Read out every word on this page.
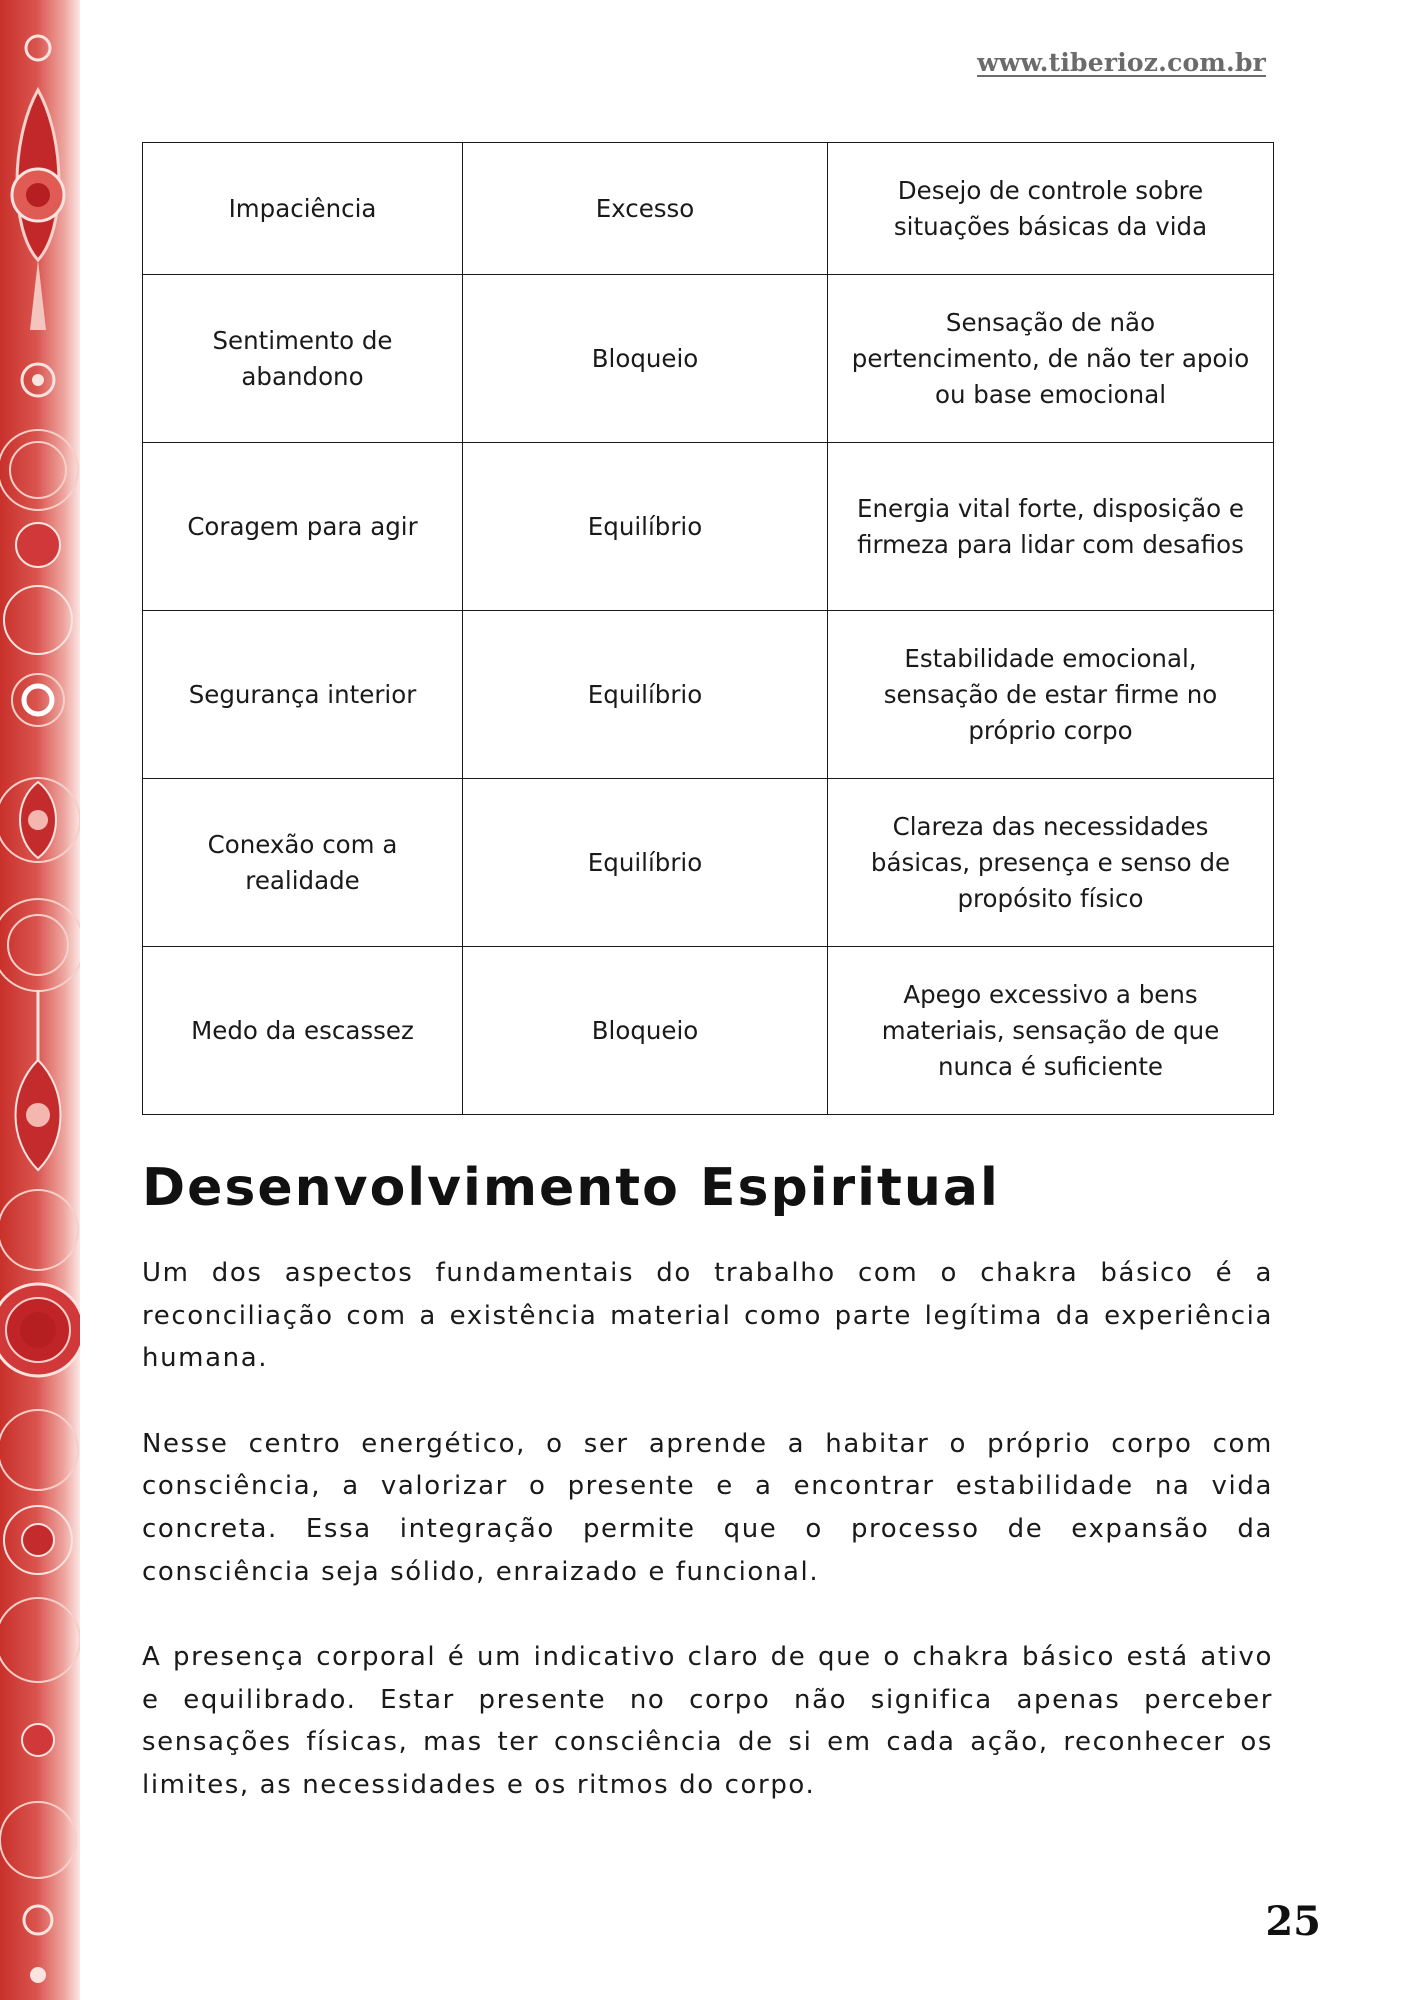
www.tiberioz.com.br
Impaciência	Excesso	Desejo de controle sobre situações básicas da vida
Sentimento de abandono	Bloqueio	Sensação de não pertencimento, de não ter apoio ou base emocional
Coragem para agir	Equilíbrio	Energia vital forte, disposição e firmeza para lidar com desafios
Segurança interior	Equilíbrio	Estabilidade emocional, sensação de estar firme no próprio corpo
Conexão com a realidade	Equilíbrio	Clareza das necessidades básicas, presença e senso de propósito físico
Medo da escassez	Bloqueio	Apego excessivo a bens materiais, sensação de que nunca é suficiente
Desenvolvimento Espiritual

Um dos aspectos fundamentais do trabalho com o chakra básico é a reconciliação com a existência material como parte legítima da experiência humana.

Nesse centro energético, o ser aprende a habitar o próprio corpo com consciência, a valorizar o presente e a encontrar estabilidade na vida concreta. Essa integração permite que o processo de expansão da consciência seja sólido, enraizado e funcional.

A presença corporal é um indicativo claro de que o chakra básico está ativo e equilibrado. Estar presente no corpo não significa apenas perceber sensações físicas, mas ter consciência de si em cada ação, reconhecer os limites, as necessidades e os ritmos do corpo.

25
